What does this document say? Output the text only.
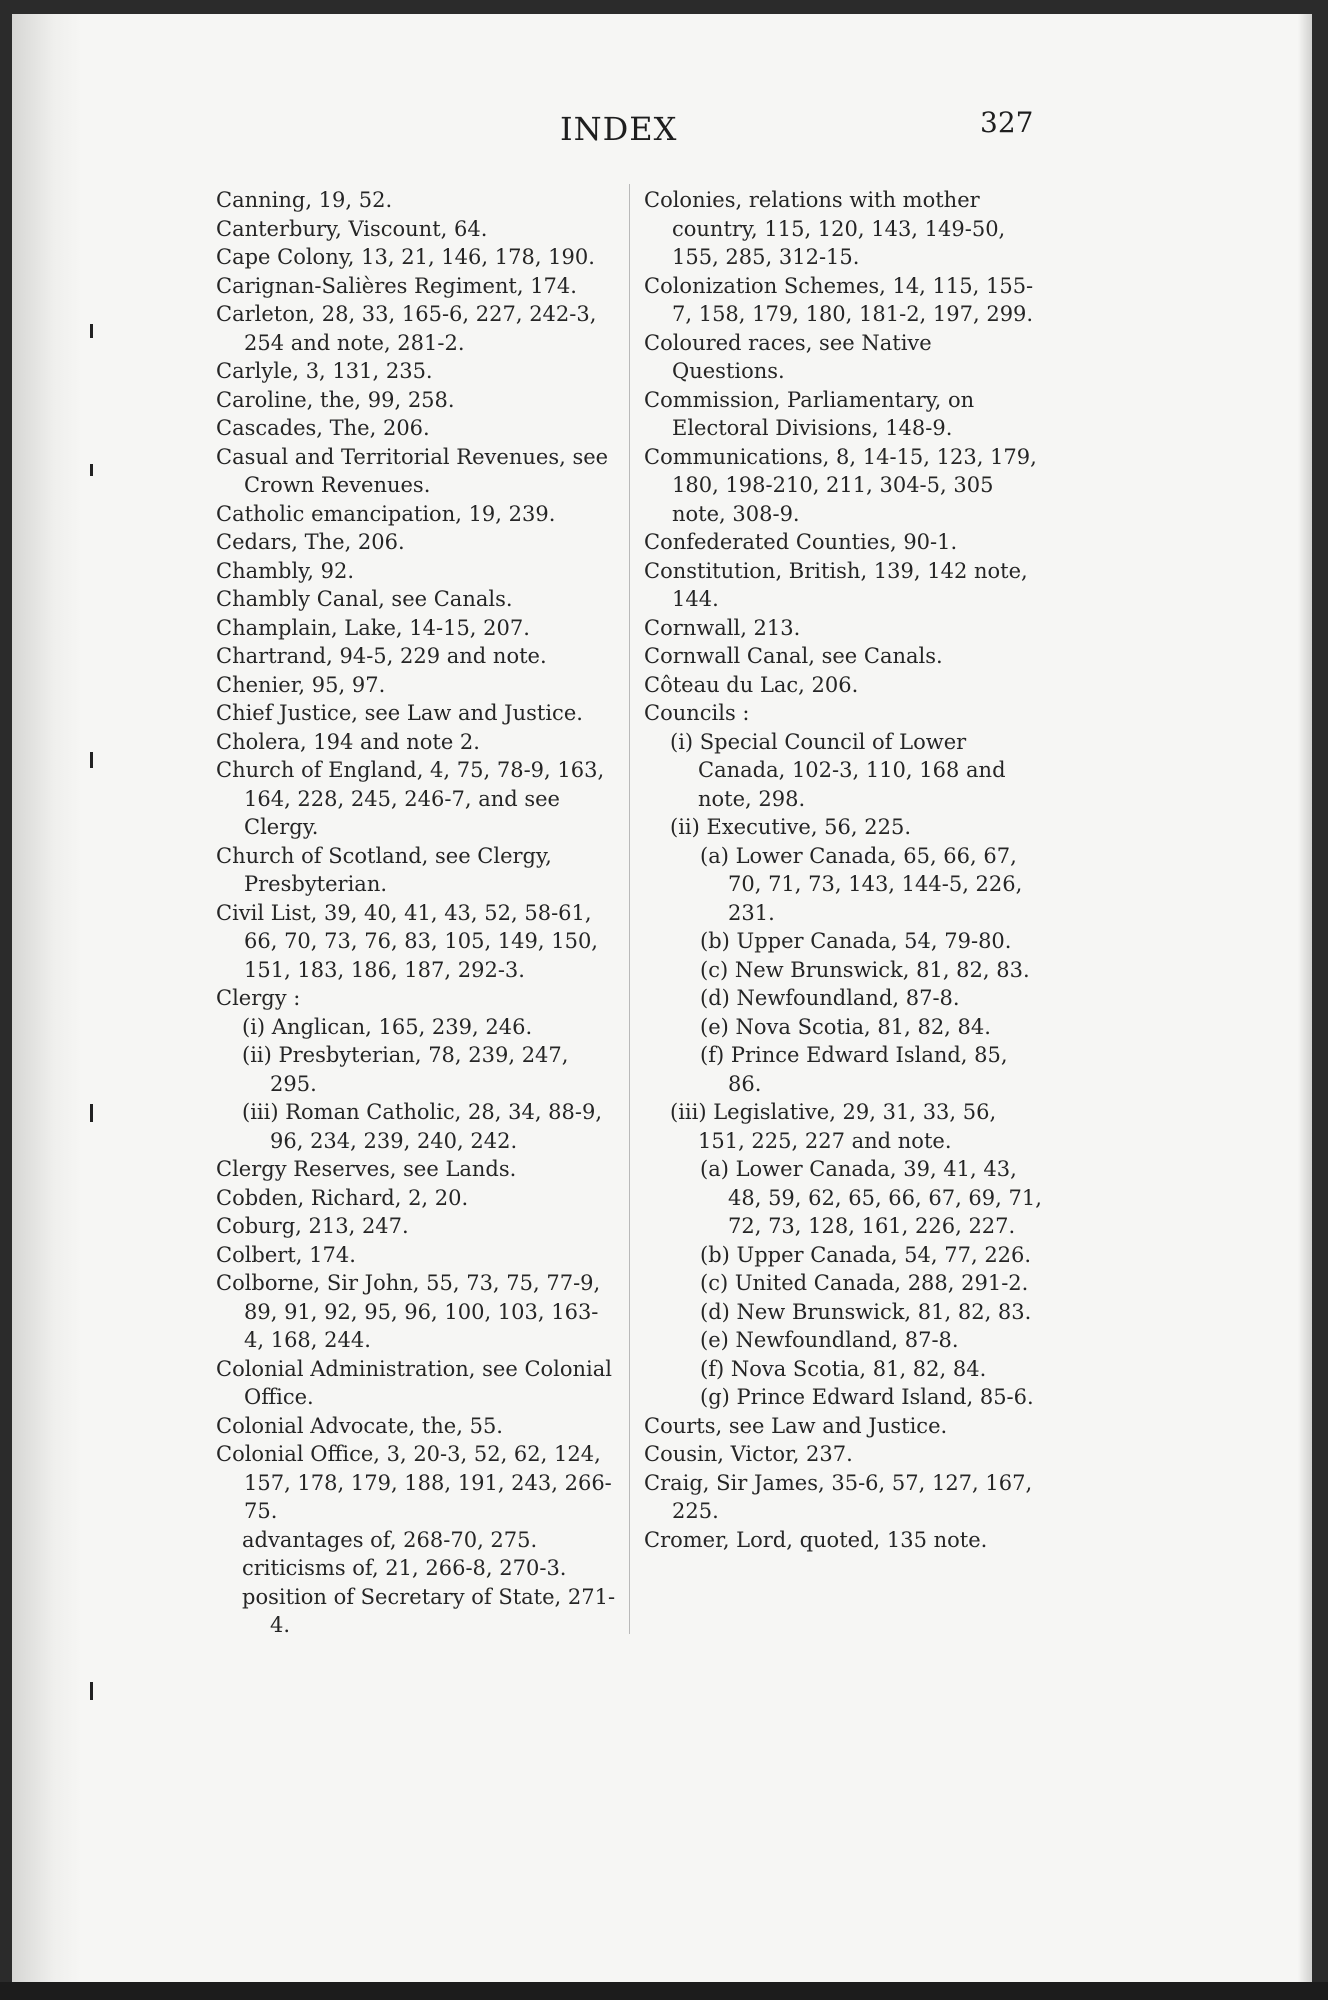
INDEX	327

Canning, 19, 52.

Canterbury, Viscount, 64.

Cape Colony, 13, 21, 146, 178, 190.

Carignan-Salières Regiment, 174.

Carleton, 28, 33, 165-6, 227, 242-3, 254 and note, 281-2.

Carlyle, 3, 131, 235.

Caroline, the, 99, 258.

Cascades, The, 206.

Casual and Territorial Revenues, see Crown Revenues.

Catholic emancipation, 19, 239.

Cedars, The, 206.

Chambly, 92.

Chambly Canal, see Canals.

Champlain, Lake, 14-15, 207.

Chartrand, 94-5, 229 and note.

Chenier, 95, 97.

Chief Justice, see Law and Justice.

Cholera, 194 and note 2.

Church of England, 4, 75, 78-9, 163, 164, 228, 245, 246-7, and see Clergy.

Church of Scotland, see Clergy, Presbyterian.

Civil List, 39, 40, 41, 43, 52, 58-61, 66, 70, 73, 76, 83, 105, 149, 150, 151, 183, 186, 187, 292-3.

Clergy :

(i) Anglican, 165, 239, 246.

(ii) Presbyterian, 78, 239, 247, 295.

(iii) Roman Catholic, 28, 34, 88-9, 96, 234, 239, 240, 242.

Clergy Reserves, see Lands.

Cobden, Richard, 2, 20.

Coburg, 213, 247.

Colbert, 174.

Colborne, Sir John, 55, 73, 75, 77-9, 89, 91, 92, 95, 96, 100, 103, 163-4, 168, 244.

Colonial Administration, see Colonial Office.

Colonial Advocate, the, 55.

Colonial Office, 3, 20-3, 52, 62, 124, 157, 178, 179, 188, 191, 243, 266-75.

advantages of, 268-70, 275.

criticisms of, 21, 266-8, 270-3.

position of Secretary of State, 271-4.

Colonies, relations with mother country, 115, 120, 143, 149-50, 155, 285, 312-15.

Colonization Schemes, 14, 115, 155-7, 158, 179, 180, 181-2, 197, 299.

Coloured races, see Native Questions.

Commission, Parliamentary, on Electoral Divisions, 148-9.

Communications, 8, 14-15, 123, 179, 180, 198-210, 211, 304-5, 305 note, 308-9.

Confederated Counties, 90-1.

Constitution, British, 139, 142 note, 144.

Cornwall, 213.

Cornwall Canal, see Canals.

Côteau du Lac, 206.

Councils :

(i) Special Council of Lower Canada, 102-3, 110, 168 and note, 298.

(ii) Executive, 56, 225.

(a) Lower Canada, 65, 66, 67, 70, 71, 73, 143, 144-5, 226, 231.

(b) Upper Canada, 54, 79-80.

(c) New Brunswick, 81, 82, 83.

(d) Newfoundland, 87-8.

(e) Nova Scotia, 81, 82, 84.

(f) Prince Edward Island, 85, 86.

(iii) Legislative, 29, 31, 33, 56, 151, 225, 227 and note.

(a) Lower Canada, 39, 41, 43, 48, 59, 62, 65, 66, 67, 69, 71, 72, 73, 128, 161, 226, 227.

(b) Upper Canada, 54, 77, 226.

(c) United Canada, 288, 291-2.

(d) New Brunswick, 81, 82, 83.

(e) Newfoundland, 87-8.

(f) Nova Scotia, 81, 82, 84.

(g) Prince Edward Island, 85-6.

Courts, see Law and Justice.

Cousin, Victor, 237.

Craig, Sir James, 35-6, 57, 127, 167, 225.

Cromer, Lord, quoted, 135 note.
